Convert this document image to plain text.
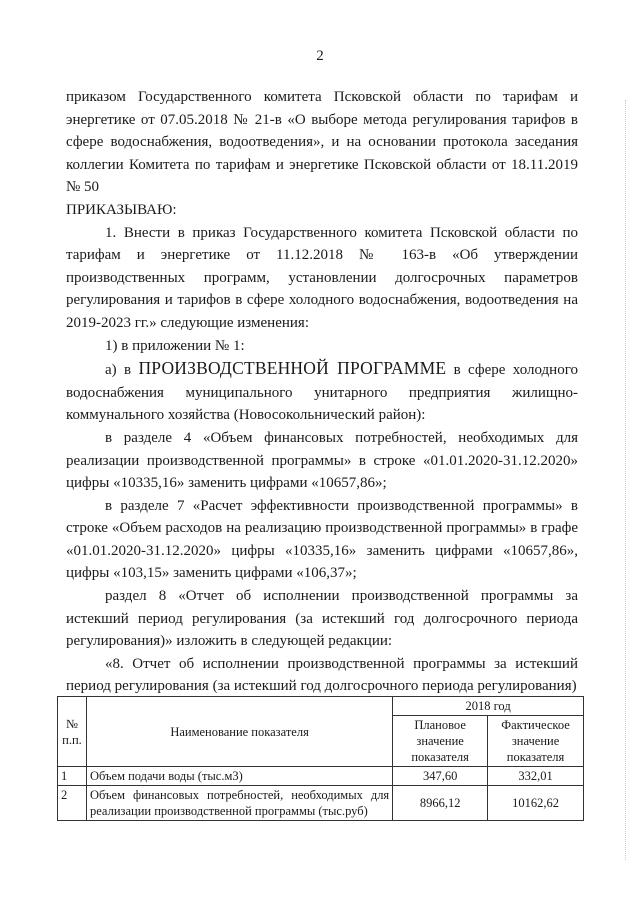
2

приказом Государственного комитета Псковской области по тарифам и энергетике от 07.05.2018 № 21-в «О выборе метода регулирования тарифов в сфере водоснабжения, водоотведения», и на основании протокола заседания коллегии Комитета по тарифам и энергетике Псковской области от 18.11.2019 № 50

ПРИКАЗЫВАЮ:

1. Внести в приказ Государственного комитета Псковской области по тарифам и энергетике от 11.12.2018 № 163-в «Об утверждении производственных программ, установлении долгосрочных параметров регулирования и тарифов в сфере холодного водоснабжения, водоотведения на 2019-2023 гг.» следующие изменения:

1) в приложении № 1:

а) в ПРОИЗВОДСТВЕННОЙ ПРОГРАММЕ в сфере холодного водоснабжения муниципального унитарного предприятия жилищно-коммунального хозяйства (Новосокольнический район):

в разделе 4 «Объем финансовых потребностей, необходимых для реализации производственной программы» в строке «01.01.2020-31.12.2020» цифры «10335,16» заменить цифрами «10657,86»;

в разделе 7 «Расчет эффективности производственной программы» в строке «Объем расходов на реализацию производственной программы» в графе «01.01.2020-31.12.2020» цифры «10335,16» заменить цифрами «10657,86», цифры «103,15» заменить цифрами «106,37»;

раздел 8 «Отчет об исполнении производственной программы за истекший период регулирования (за истекший год долгосрочного периода регулирования)» изложить в следующей редакции:

«8. Отчет об исполнении производственной программы за истекший период регулирования (за истекший год долгосрочного периода регулирования)

№ п.п.	Наименование показателя	2018 год	
		Плановое значение показателя	Фактическое значение показателя
1	Объем подачи воды (тыс.м3)	347,60	332,01
2	Объем финансовых потребностей, необходимых для реализации производственной программы (тыс.руб)	8966,12	10162,62
